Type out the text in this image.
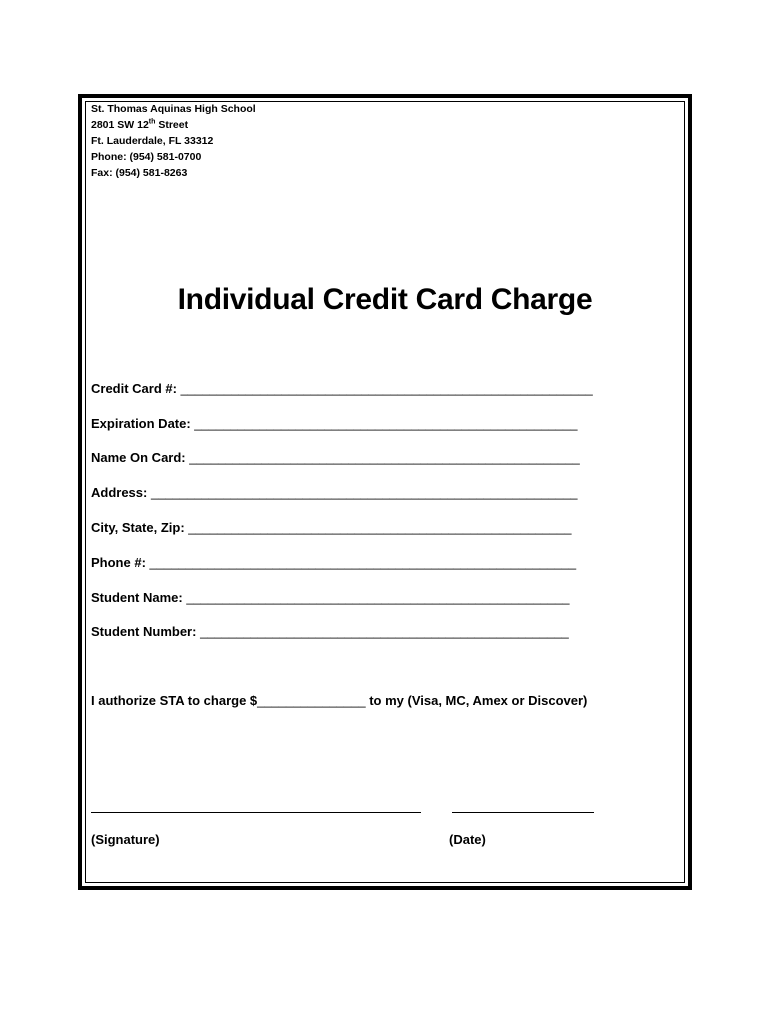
St. Thomas Aquinas High School
2801 SW 12th Street
Ft. Lauderdale, FL 33312
Phone: (954) 581-0700
Fax: (954) 581-8263
Individual Credit Card Charge
Credit Card #: _________________________________________________________
Expiration Date: _____________________________________________________
Name On Card: ______________________________________________________
Address: ___________________________________________________________
City, State, Zip: _____________________________________________________
Phone #: ___________________________________________________________
Student Name: _____________________________________________________
Student Number: ___________________________________________________
I authorize STA to charge $_______________ to my (Visa, MC, Amex or Discover)
(Signature)	(Date)
